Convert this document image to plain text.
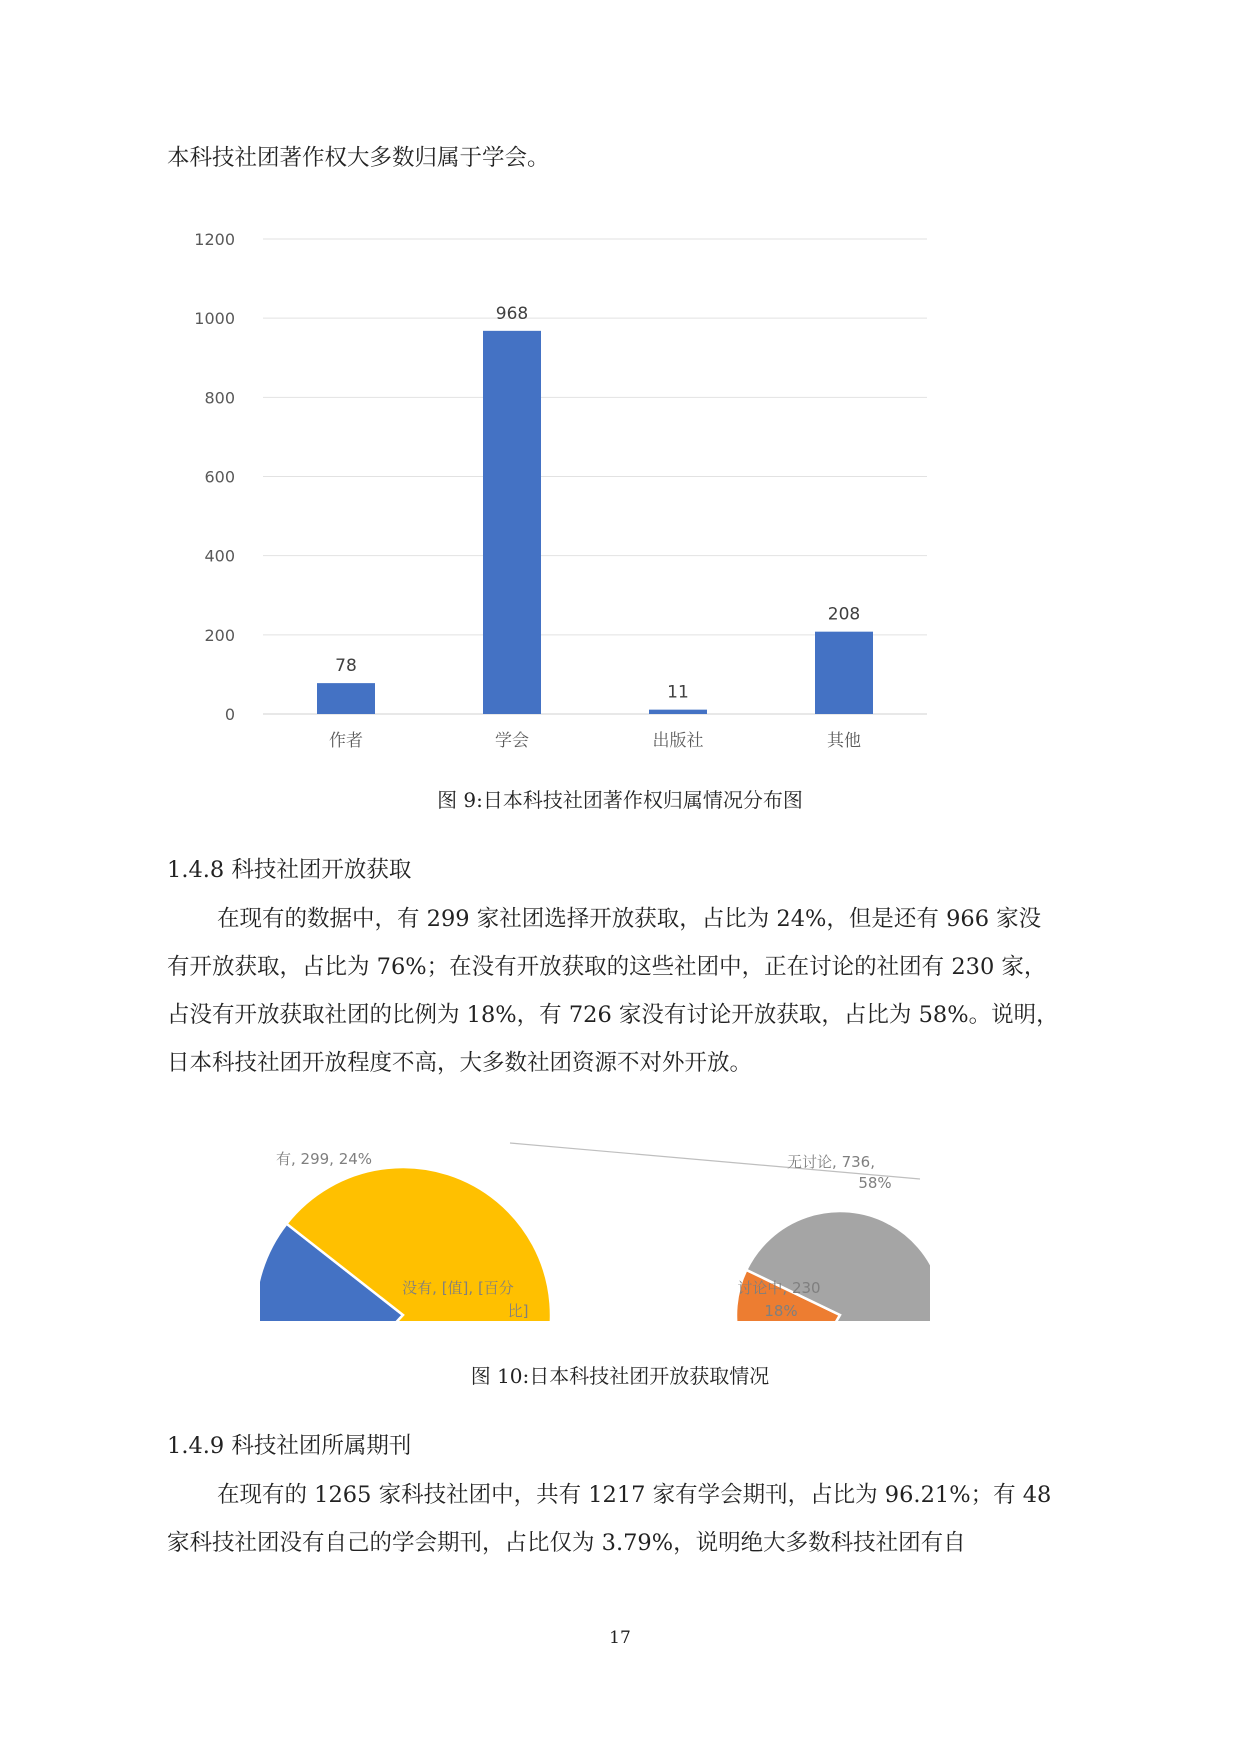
本科技社团著作权大多数归属于学会。

0
200
400
600
800
1000
1200
78
作者
968
学会
11
出版社
208
其他
图 9:日本科技社团著作权归属情况分布图
1.4.8 科技社团开放获取

在现有的数据中，有 299 家社团选择开放获取，占比为 24%，但是还有 966 家没有开放获取，占比为 76%；在没有开放获取的这些社团中，正在讨论的社团有 230 家，占没有开放获取社团的比例为 18%，有 726 家没有讨论开放获取，占比为 58%。说明，日本科技社团开放程度不高，大多数社团资源不对外开放。

有, 299, 24%
没有, [值], [百分
比]
无讨论, 736,
58%
讨论中, 230
18%
图 10:日本科技社团开放获取情况
1.4.9 科技社团所属期刊

在现有的 1265 家科技社团中，共有 1217 家有学会期刊，占比为 96.21%；有 48 家科技社团没有自己的学会期刊，占比仅为 3.79%，说明绝大多数科技社团有自

17
